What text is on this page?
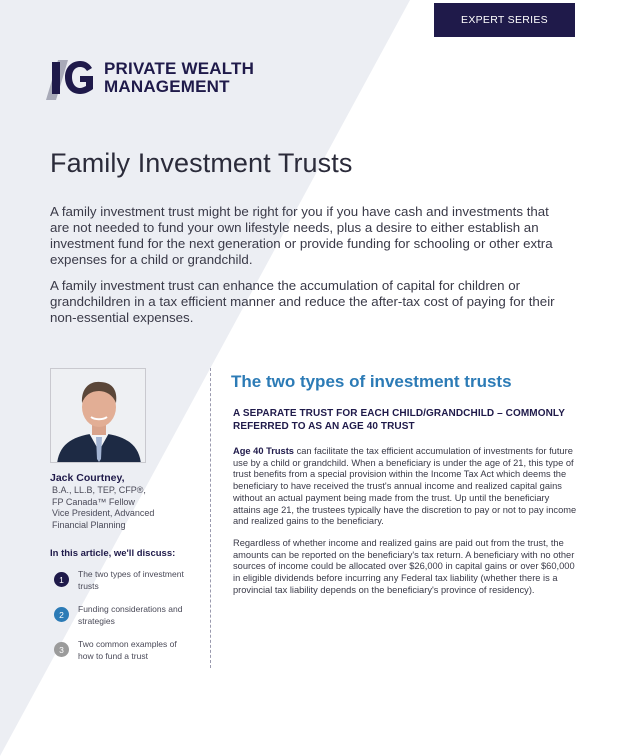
EXPERT SERIES
PRIVATE WEALTH
MANAGEMENT
Family Investment Trusts

A family investment trust might be right for you if you have cash and investments that are not needed to fund your own lifestyle needs, plus a desire to either establish an investment fund for the next generation or provide funding for schooling or other extra expenses for a child or grandchild.

A family investment trust can enhance the accumulation of capital for children or grandchildren in a tax efficient manner and reduce the after-tax cost of paying for their non-essential expenses.

Jack Courtney,
B.A., LL.B, TEP, CFP®,
FP Canada™ Fellow
Vice President, Advanced
Financial Planning
In this article, we'll discuss:
1
The two types of investment trusts
2
Funding considerations and strategies
3
Two common examples of how to fund a trust
The two types of investment trusts
A SEPARATE TRUST FOR EACH CHILD/GRANDCHILD – COMMONLY REFERRED TO AS AN AGE 40 TRUST

Age 40 Trusts can facilitate the tax efficient accumulation of investments for future use by a child or grandchild. When a beneficiary is under the age of 21, this type of trust benefits from a special provision within the Income Tax Act which deems the beneficiary to have received the trust's annual income and realized capital gains without an actual payment being made from the trust. Up until the beneficiary attains age 21, the trustees typically have the discretion to pay or not to pay income and realized gains to the beneficiary.

Regardless of whether income and realized gains are paid out from the trust, the amounts can be reported on the beneficiary's tax return. A beneficiary with no other sources of income could be allocated over $26,000 in capital gains or over $60,000 in eligible dividends before incurring any Federal tax liability (whether there is a provincial tax liability depends on the beneficiary's province of residency).
